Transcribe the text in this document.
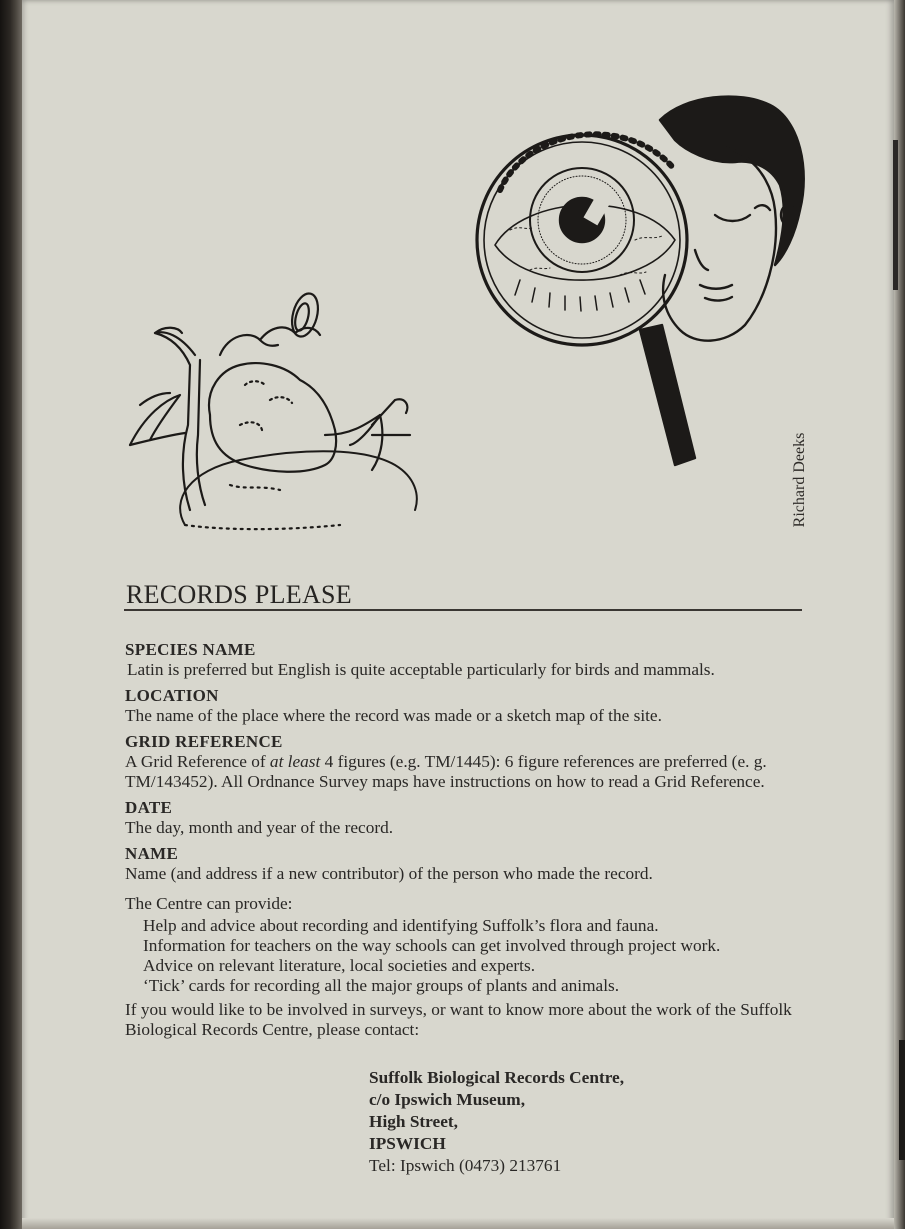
Richard Deeks
RECORDS PLEASE

SPECIES NAME

Latin is preferred but English is quite acceptable particularly for birds and mammals.

LOCATION

The name of the place where the record was made or a sketch map of the site.

GRID REFERENCE

A Grid Reference of at least 4 figures (e.g. TM/1445): 6 figure references are preferred (e. g. TM/143452). All Ordnance Survey maps have instructions on how to read a Grid Reference.

DATE

The day, month and year of the record.

NAME

Name (and address if a new contributor) of the person who made the record.

The Centre can provide:

Help and advice about recording and identifying Suffolk’s flora and fauna.
Information for teachers on the way schools can get involved through project work.
Advice on relevant literature, local societies and experts.
‘Tick’ cards for recording all the major groups of plants and animals.

If you would like to be involved in surveys, or want to know more about the work of the Suffolk Biological Records Centre, please contact:

Suffolk Biological Records Centre,
c/o Ipswich Museum,
High Street,
IPSWICH
Tel: Ipswich (0473) 213761
